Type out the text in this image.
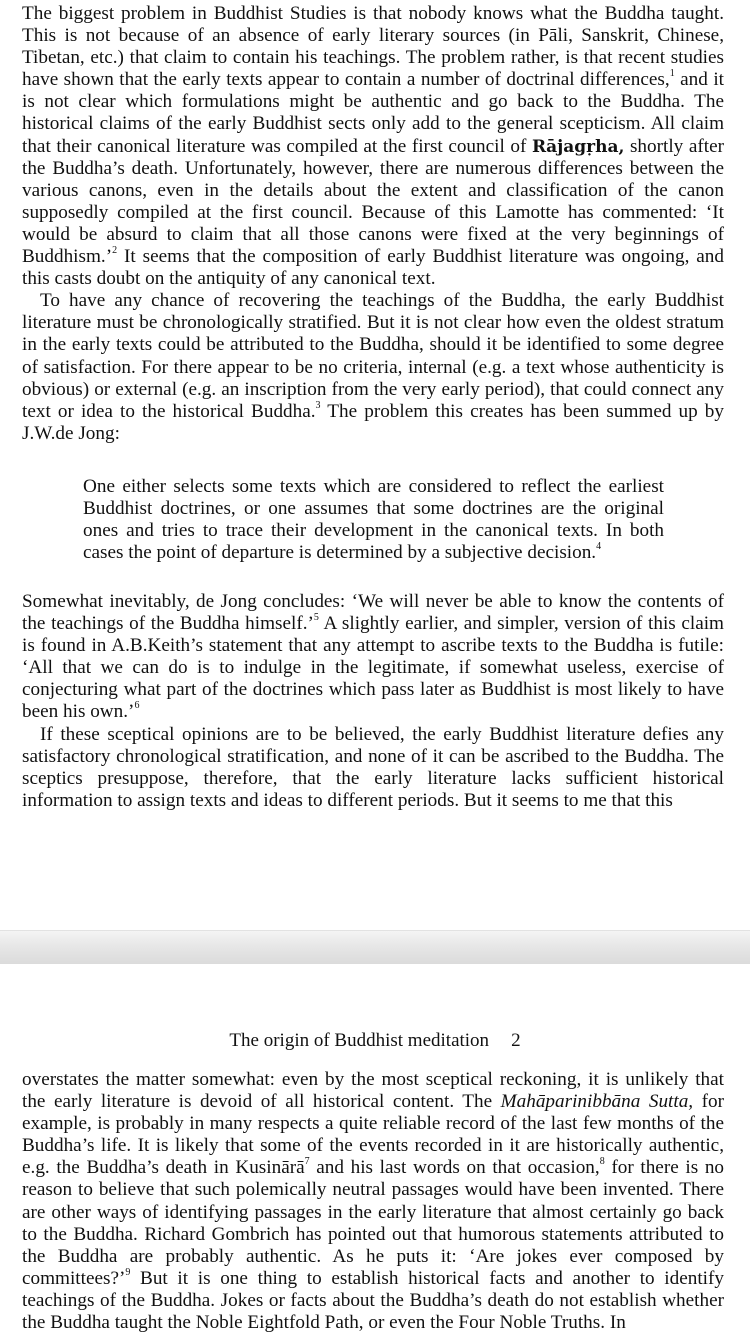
The biggest problem in Buddhist Studies is that nobody knows what the Buddha taught. This is not because of an absence of early literary sources (in Pāli, Sanskrit, Chinese, Tibetan, etc.) that claim to contain his teachings. The problem rather, is that recent studies have shown that the early texts appear to contain a number of doctrinal differences,$^1$ and it is not clear which formulations might be authentic and go back to the Buddha. The historical claims of the early Buddhist sects only add to the general scepticism. All claim that their canonical literature was compiled at the first council of Rājagṛha, shortly after the Buddha’s death. Unfortunately, however, there are numerous differences between the various canons, even in the details about the extent and classification of the canon supposedly compiled at the first council. Because of this Lamotte has commented: ‘It would be absurd to claim that all those canons were fixed at the very beginnings of Buddhism.’$^2$ It seems that the composition of early Buddhist literature was ongoing, and this casts doubt on the antiquity of any canonical text.

To have any chance of recovering the teachings of the Buddha, the early Buddhist literature must be chronologically stratified. But it is not clear how even the oldest stratum in the early texts could be attributed to the Buddha, should it be identified to some degree of satisfaction. For there appear to be no criteria, internal (e.g. a text whose authenticity is obvious) or external (e.g. an inscription from the very early period), that could connect any text or idea to the historical Buddha.$^3$ The problem this creates has been summed up by J.W.de Jong:

One either selects some texts which are considered to reflect the earliest Buddhist doctrines, or one assumes that some doctrines are the original ones and tries to trace their development in the canonical texts. In both cases the point of departure is determined by a subjective decision.$^4$

Somewhat inevitably, de Jong concludes: ‘We will never be able to know the contents of the teachings of the Buddha himself.’$^5$ A slightly earlier, and simpler, version of this claim is found in A.B.Keith’s statement that any attempt to ascribe texts to the Buddha is futile: ‘All that we can do is to indulge in the legitimate, if somewhat useless, exercise of conjecturing what part of the doctrines which pass later as Buddhist is most likely to have been his own.’$^6$

If these sceptical opinions are to be believed, the early Buddhist literature defies any satisfactory chronological stratification, and none of it can be ascribed to the Buddha. The sceptics presuppose, therefore, that the early literature lacks sufficient historical information to assign texts and ideas to different periods. But it seems to me that this

The origin of Buddhist meditation 2

overstates the matter somewhat: even by the most sceptical reckoning, it is unlikely that the early literature is devoid of all historical content. The Mahāparinibbāna Sutta, for example, is probably in many respects a quite reliable record of the last few months of the Buddha’s life. It is likely that some of the events recorded in it are historically authentic, e.g. the Buddha’s death in Kusinārā$^7$ and his last words on that occasion,$^8$ for there is no reason to believe that such polemically neutral passages would have been invented. There are other ways of identifying passages in the early literature that almost certainly go back to the Buddha. Richard Gombrich has pointed out that humorous statements attributed to the Buddha are probably authentic. As he puts it: ‘Are jokes ever composed by committees?’$^9$ But it is one thing to establish historical facts and another to identify teachings of the Buddha. Jokes or facts about the Buddha’s death do not establish whether the Buddha taught the Noble Eightfold Path, or even the Four Noble Truths. In
